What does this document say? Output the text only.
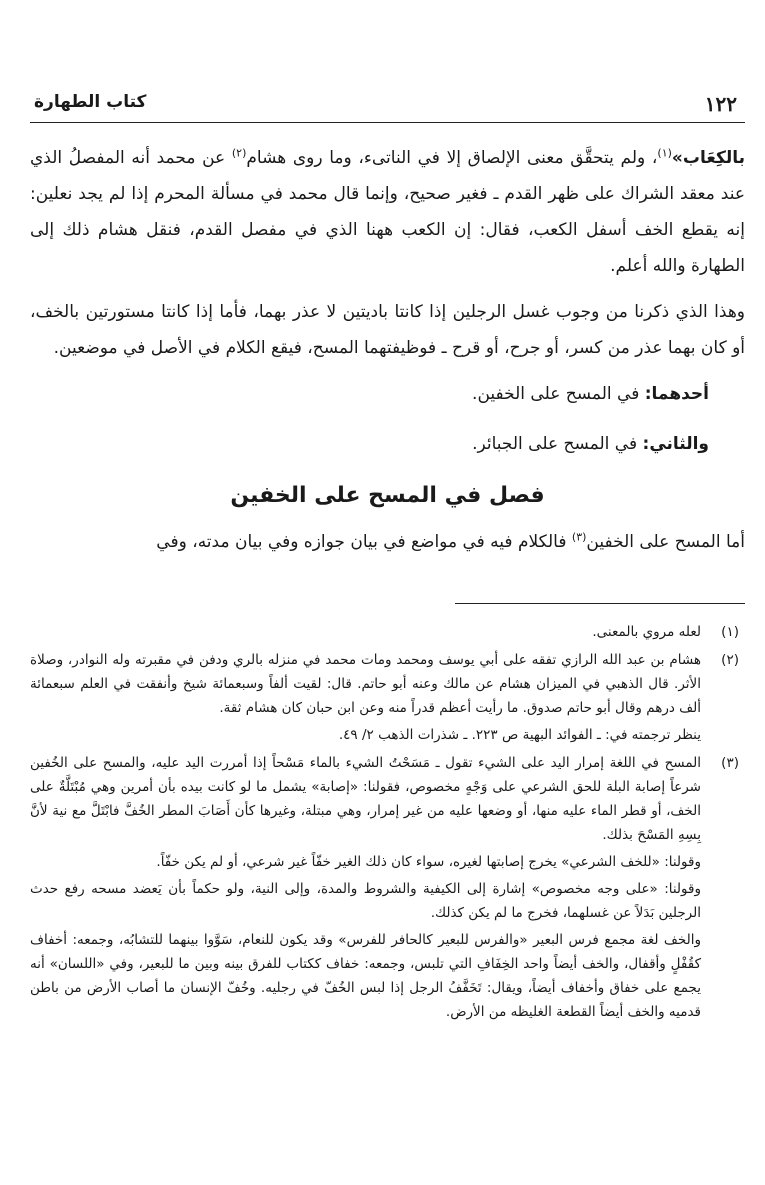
١٢٢
كتاب الطهارة

بالكِعَاب»$^{(١)}$، ولم يتحقَّق معنى الإلصاق إلا في الناتىء، وما روى هشام$^{(٢)}$ عن محمد أنه المفصلُ الذي عند معقد الشراك على ظهر القدم ـ فغير صحيح، وإنما قال محمد في مسألة المحرم إذا لم يجد نعلين: إنه يقطع الخف أسفل الكعب، فقال: إن الكعب ههنا الذي في مفصل القدم، فنقل هشام ذلك إلى الطهارة والله أعلم.

وهذا الذي ذكرنا من وجوب غسل الرجلين إذا كانتا باديتين لا عذر بهما، فأما إذا كانتا مستورتين بالخف، أو كان بهما عذر من كسر، أو جرح، أو قرح ـ فوظيفتهما المسح، فيقع الكلام في الأصل في موضعين.

أحدهما: في المسح على الخفين.

والثاني: في المسح على الجبائر.

فصل في المسح على الخفين

أما المسح على الخفين$^{(٣)}$ فالكلام فيه في مواضع في بيان جوازه وفي بيان مدته، وفي

(١)

لعله مروي بالمعنى.

(٢)

هشام بن عبد الله الرازي تفقه على أبي يوسف ومحمد ومات محمد في منزله بالري ودفن في مقبرته وله النوادر، وصلاة الأثر. قال الذهبي في الميزان هشام عن مالك وعنه أبو حاتم. قال: لقيت ألفاً وسبعمائة شيخ وأنفقت في العلم سبعمائة ألف درهم وقال أبو حاتم صدوق. ما رأيت أعظم قدراً منه وعن ابن حبان كان هشام ثقة.

ينظر ترجمته في: ـ الفوائد البهية ص ٢٢٣. ـ شذرات الذهب ٢/ ٤٩.

(٣)

المسح في اللغة إمرار اليد على الشيء تقول ـ مَسَحْتُ الشيء بالماء مَسْحاً إذا أمررت اليد عليه، والمسح على الخُفين شرعاً إصابة البلة للحق الشرعي على وَجْهٍ مخصوص، فقولنا: «إصابة» يشمل ما لو كانت بيده بأن أمرين وهي مُبْتَلَّةٌ على الخف، أو قطر الماء عليه منها، أو وضعها عليه من غير إمرار، وهي مبتلة، وغيرها كأن أَصَابَ المطر الخُفَّ فابْتَلَّ مع نية لأنَّ بِسِهِ المَسْحَ بذلك.

وقولنا: «للخف الشرعي» يخرج إصابتها لغيره، سواء كان ذلك الغير خفّاً غير شرعي، أو لم يكن خفّاً.

وقولنا: «على وجه مخصوص» إشارة إلى الكيفية والشروط والمدة، وإلى النية، ولو حكماً بأن يَعضد مسحه رفع حدث الرجلين بَدَلاً عن غسلهما، فخرج ما لم يكن كذلك.

والخف لغة مجمع فرس البعير «والفرس للبعير كالحافر للفرس» وقد يكون للنعام، سَوَّوا بينهما للتشابُه، وجمعه: أخفاف كقُفْلٍ وأقفال، والخف أيضاً واحد الخِفَافِ التي تلبس، وجمعه: خفاف ككتاب للفرق بينه وبين ما للبعير، وفي «اللسان» أنه يجمع على خفاق وأخفاف أيضاً، ويقال: تَخَفَّفُ الرجل إذا لبس الخُفّ في رجليه. وخُفّ الإنسان ما أصاب الأرض من باطن قدميه والخف أيضاً القطعة الغليظه من الأرض.
